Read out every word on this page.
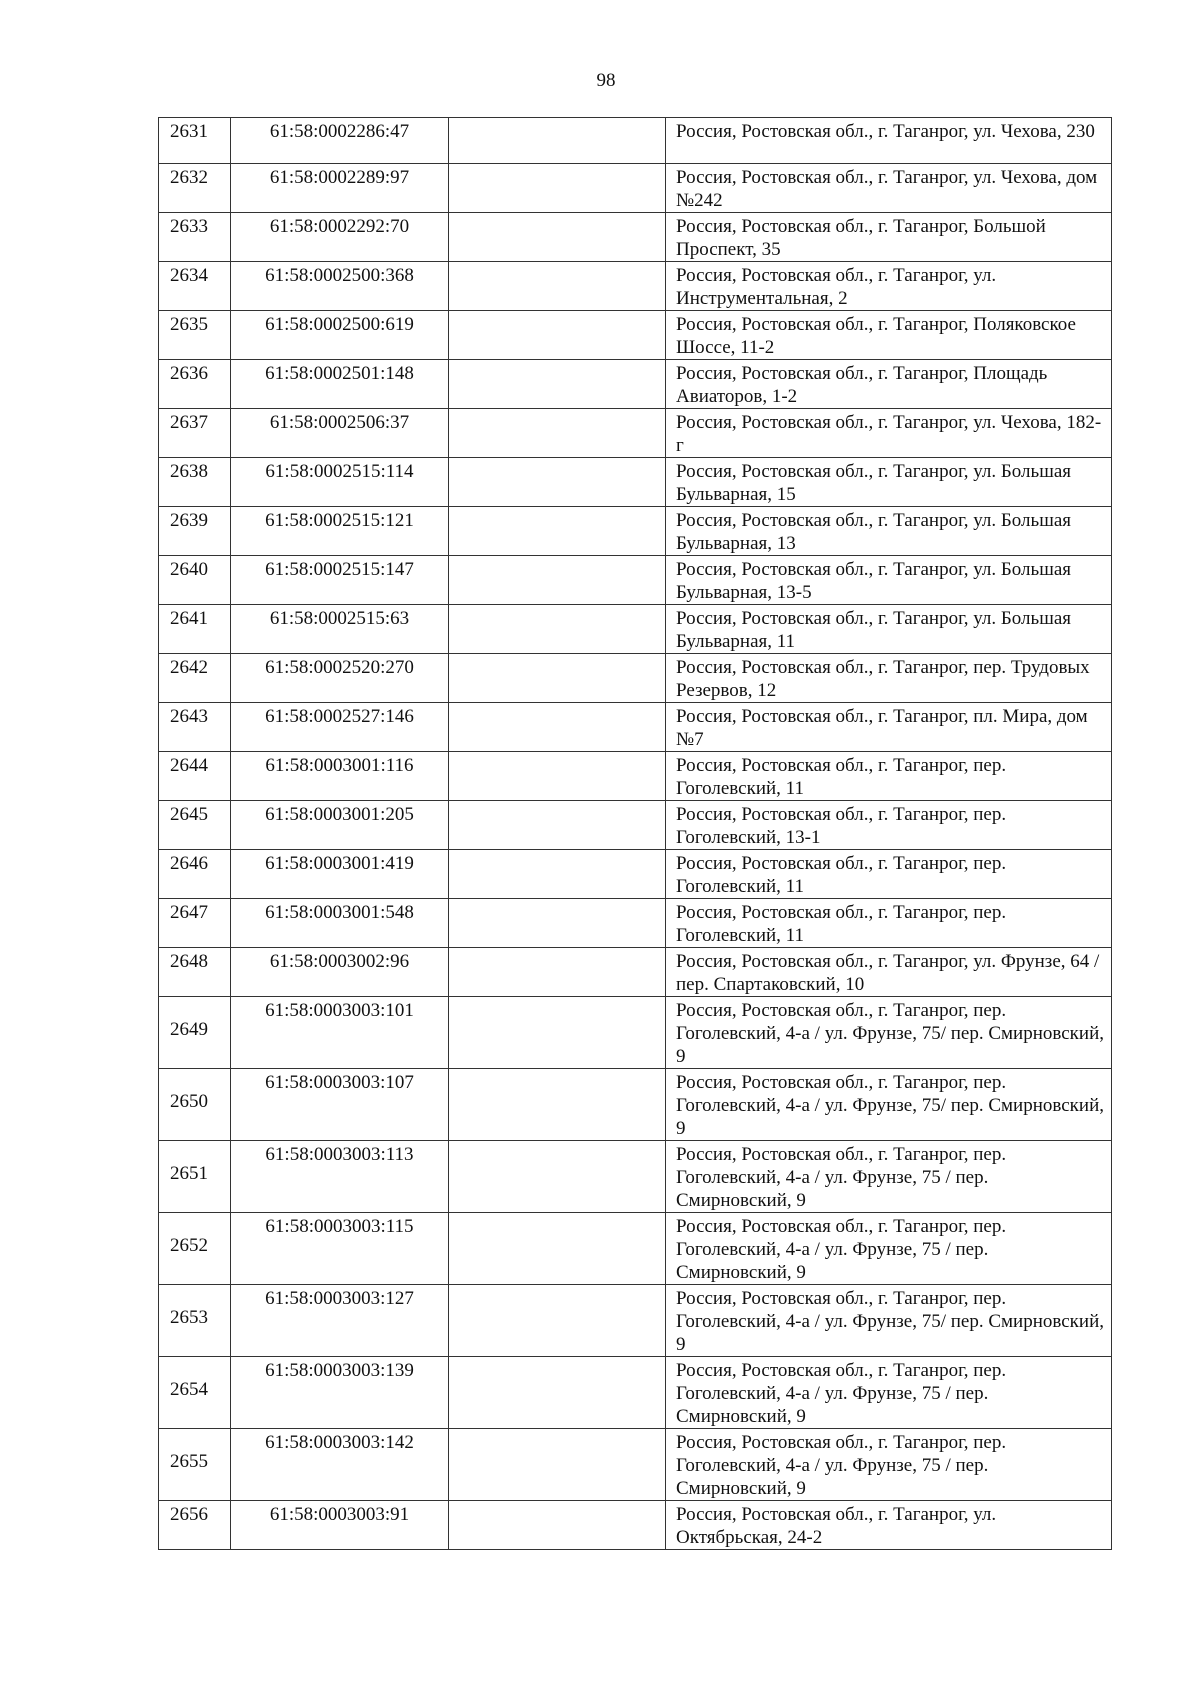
98
2631	61:58:0002286:47		Россия, Ростовская обл., г. Таганрог, ул. Чехова, 230
2632	61:58:0002289:97		Россия, Ростовская обл., г. Таганрог, ул. Чехова, дом №242
2633	61:58:0002292:70		Россия, Ростовская обл., г. Таганрог, Большой Проспект, 35
2634	61:58:0002500:368		Россия, Ростовская обл., г. Таганрог, ул. Инструментальная, 2
2635	61:58:0002500:619		Россия, Ростовская обл., г. Таганрог, Поляковское Шоссе, 11-2
2636	61:58:0002501:148		Россия, Ростовская обл., г. Таганрог, Площадь Авиаторов, 1-2
2637	61:58:0002506:37		Россия, Ростовская обл., г. Таганрог, ул. Чехова, 182-г
2638	61:58:0002515:114		Россия, Ростовская обл., г. Таганрог, ул. Большая Бульварная, 15
2639	61:58:0002515:121		Россия, Ростовская обл., г. Таганрог, ул. Большая Бульварная, 13
2640	61:58:0002515:147		Россия, Ростовская обл., г. Таганрог, ул. Большая Бульварная, 13-5
2641	61:58:0002515:63		Россия, Ростовская обл., г. Таганрог, ул. Большая Бульварная, 11
2642	61:58:0002520:270		Россия, Ростовская обл., г. Таганрог, пер. Трудовых Резервов, 12
2643	61:58:0002527:146		Россия, Ростовская обл., г. Таганрог, пл. Мира, дом №7
2644	61:58:0003001:116		Россия, Ростовская обл., г. Таганрог, пер. Гоголевский, 11
2645	61:58:0003001:205		Россия, Ростовская обл., г. Таганрог, пер. Гоголевский, 13-1
2646	61:58:0003001:419		Россия, Ростовская обл., г. Таганрог, пер. Гоголевский, 11
2647	61:58:0003001:548		Россия, Ростовская обл., г. Таганрог, пер. Гоголевский, 11
2648	61:58:0003002:96		Россия, Ростовская обл., г. Таганрог, ул. Фрунзе, 64 / пер. Спартаковский, 10
2649	61:58:0003003:101		Россия, Ростовская обл., г. Таганрог, пер. Гоголевский, 4-а / ул. Фрунзе, 75/ пер. Смирновский, 9
2650	61:58:0003003:107		Россия, Ростовская обл., г. Таганрог, пер. Гоголевский, 4-а / ул. Фрунзе, 75/ пер. Смирновский, 9
2651	61:58:0003003:113		Россия, Ростовская обл., г. Таганрог, пер. Гоголевский, 4-а / ул. Фрунзе, 75 / пер. Смирновский, 9
2652	61:58:0003003:115		Россия, Ростовская обл., г. Таганрог, пер. Гоголевский, 4-а / ул. Фрунзе, 75 / пер. Смирновский, 9
2653	61:58:0003003:127		Россия, Ростовская обл., г. Таганрог, пер. Гоголевский, 4-а / ул. Фрунзе, 75/ пер. Смирновский, 9
2654	61:58:0003003:139		Россия, Ростовская обл., г. Таганрог, пер. Гоголевский, 4-а / ул. Фрунзе, 75 / пер. Смирновский, 9
2655	61:58:0003003:142		Россия, Ростовская обл., г. Таганрог, пер. Гоголевский, 4-а / ул. Фрунзе, 75 / пер. Смирновский, 9
2656	61:58:0003003:91		Россия, Ростовская обл., г. Таганрог, ул. Октябрьская, 24-2
